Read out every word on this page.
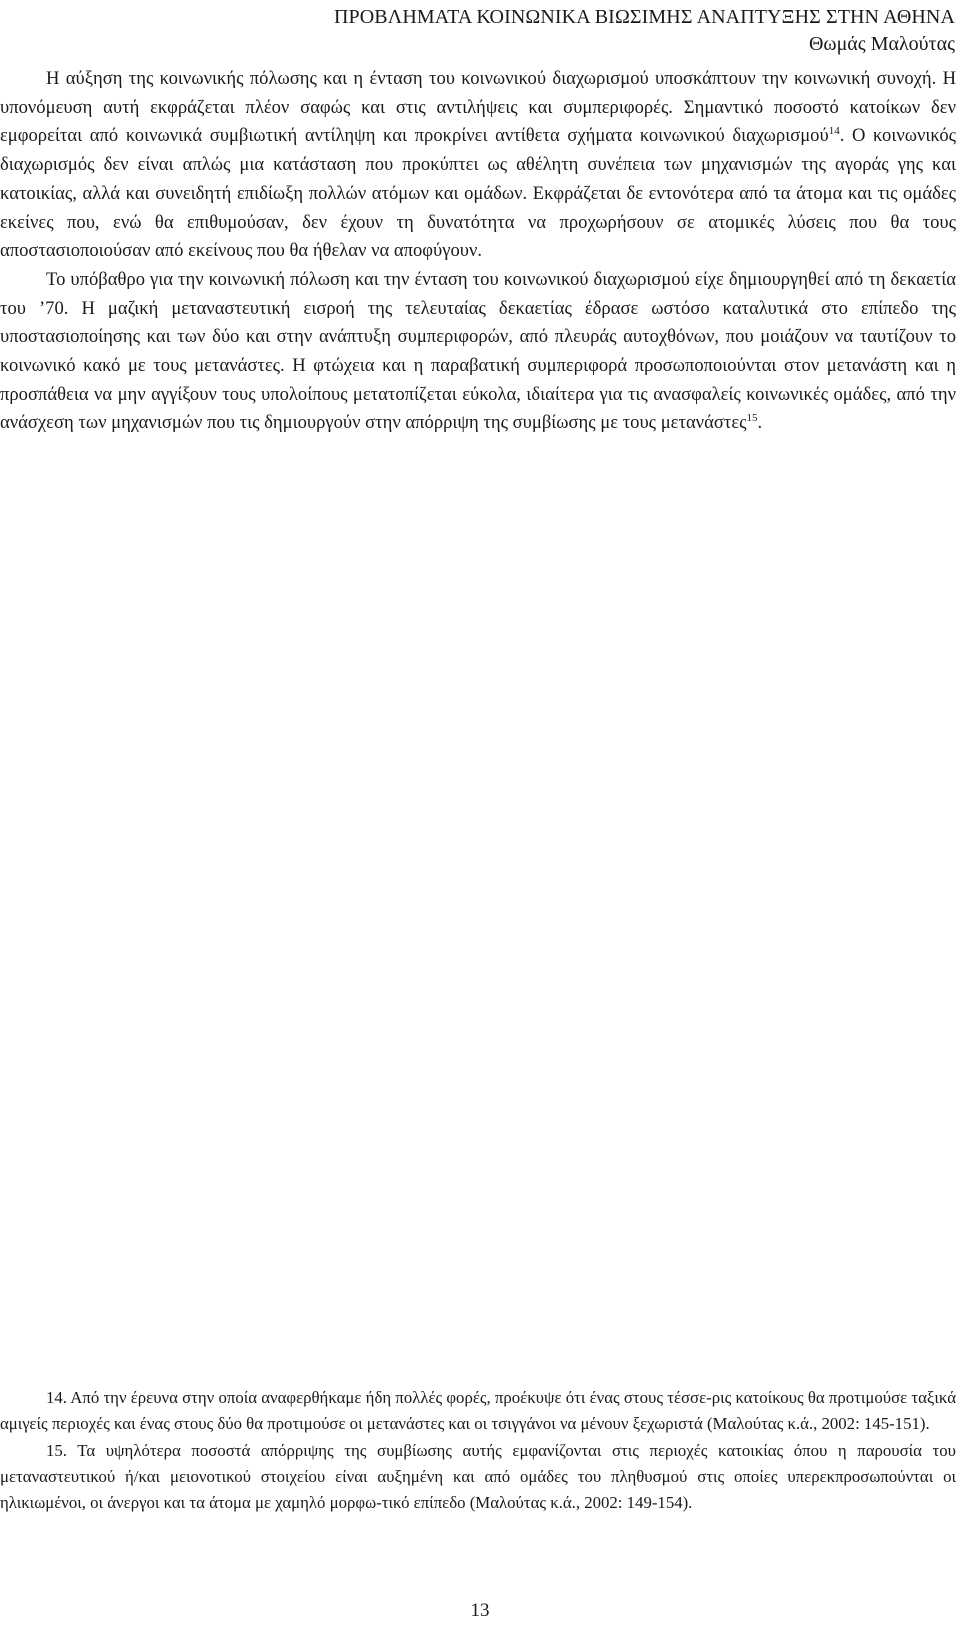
ΠΡΟΒΛΗΜΑΤΑ ΚΟΙΝΩΝΙΚΑ ΒΙΩΣΙΜΗΣ ΑΝΑΠΤΥΞΗΣ ΣΤΗΝ ΑΘΗΝΑ
Θωμάς Μαλούτας

Η αύξηση της κοινωνικής πόλωσης και η ένταση του κοινωνικού διαχωρισμού υποσκάπτουν την κοινωνική συνοχή. Η υπονόμευση αυτή εκφράζεται πλέον σαφώς και στις αντιλήψεις και συμπεριφορές. Σημαντικό ποσοστό κατοίκων δεν εμφορείται από κοινωνικά συμβιωτική αντίληψη και προκρίνει αντίθετα σχήματα κοινωνικού διαχωρισμού$^{14}$. Ο κοινωνικός διαχωρισμός δεν είναι απλώς μια κατάσταση που προκύπτει ως αθέλητη συνέπεια των μηχανισμών της αγοράς γης και κατοικίας, αλλά και συνειδητή επιδίωξη πολλών ατόμων και ομάδων. Εκφράζεται δε εντονότερα από τα άτομα και τις ομάδες εκείνες που, ενώ θα επιθυμούσαν, δεν έχουν τη δυνατότητα να προχωρήσουν σε ατομικές λύσεις που θα τους αποστασιοποιούσαν από εκείνους που θα ήθελαν να αποφύγουν.

Το υπόβαθρο για την κοινωνική πόλωση και την ένταση του κοινωνικού διαχωρισμού είχε δημιουργηθεί από τη δεκαετία του ’70. Η μαζική μεταναστευτική εισροή της τελευταίας δεκαετίας έδρασε ωστόσο καταλυτικά στο επίπεδο της υποστασιοποίησης και των δύο και στην ανάπτυξη συμπεριφορών, από πλευράς αυτοχθόνων, που μοιάζουν να ταυτίζουν το κοινωνικό κακό με τους μετανάστες. Η φτώχεια και η παραβατική συμπεριφορά προσωποποιούνται στον μετανάστη και η προσπάθεια να μην αγγίξουν τους υπολοίπους μετατοπίζεται εύκολα, ιδιαίτερα για τις ανασφαλείς κοινωνικές ομάδες, από την ανάσχεση των μηχανισμών που τις δημιουργούν στην απόρριψη της συμβίωσης με τους μετανάστες$^{15}$.

14. Από την έρευνα στην οποία αναφερθήκαμε ήδη πολλές φορές, προέκυψε ότι ένας στους τέσσε-ρις κατοίκους θα προτιμούσε ταξικά αμιγείς περιοχές και ένας στους δύο θα προτιμούσε οι μετανάστες και οι τσιγγάνοι να μένουν ξεχωριστά (Μαλούτας κ.ά., 2002: 145-151).

15. Τα υψηλότερα ποσοστά απόρριψης της συμβίωσης αυτής εμφανίζονται στις περιοχές κατοικίας όπου η παρουσία του μεταναστευτικού ή/και μειονοτικού στοιχείου είναι αυξημένη και από ομάδες του πληθυσμού στις οποίες υπερεκπροσωπούνται οι ηλικιωμένοι, οι άνεργοι και τα άτομα με χαμηλό μορφω-τικό επίπεδο (Μαλούτας κ.ά., 2002: 149-154).

13
